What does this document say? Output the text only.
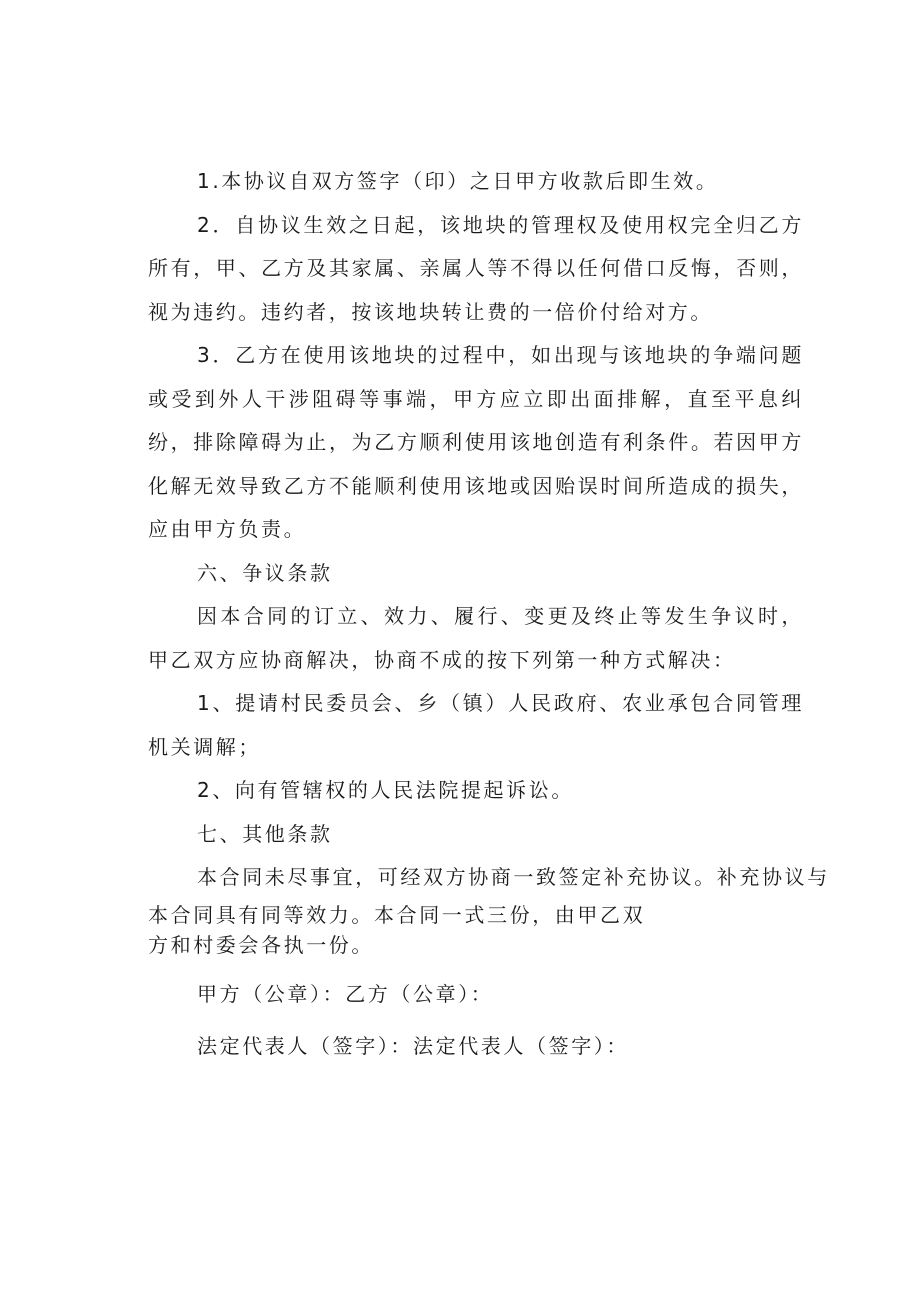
1.本协议自双方签字（印）之日甲方收款后即生效。

2．自协议生效之日起，该地块的管理权及使用权完全归乙方所有，甲、乙方及其家属、亲属人等不得以任何借口反悔，否则，视为违约。违约者，按该地块转让费的一倍价付给对方。

3．乙方在使用该地块的过程中，如出现与该地块的争端问题或受到外人干涉阻碍等事端，甲方应立即出面排解，直至平息纠纷，排除障碍为止，为乙方顺利使用该地创造有利条件。若因甲方化解无效导致乙方不能顺利使用该地或因贻误时间所造成的损失，应由甲方负责。

六、争议条款

因本合同的订立、效力、履行、变更及终止等发生争议时，甲乙双方应协商解决，协商不成的按下列第一种方式解决：

1、提请村民委员会、乡（镇）人民政府、农业承包合同管理机关调解；

2、向有管辖权的人民法院提起诉讼。

七、其他条款

本合同未尽事宜，可经双方协商一致签定补充协议。补充协议与

本合同具有同等效力。本合同一式三份，由甲乙双

方和村委会各执一份。

甲方（公章）：乙方（公章）：

法定代表人（签字）：法定代表人（签字）：
